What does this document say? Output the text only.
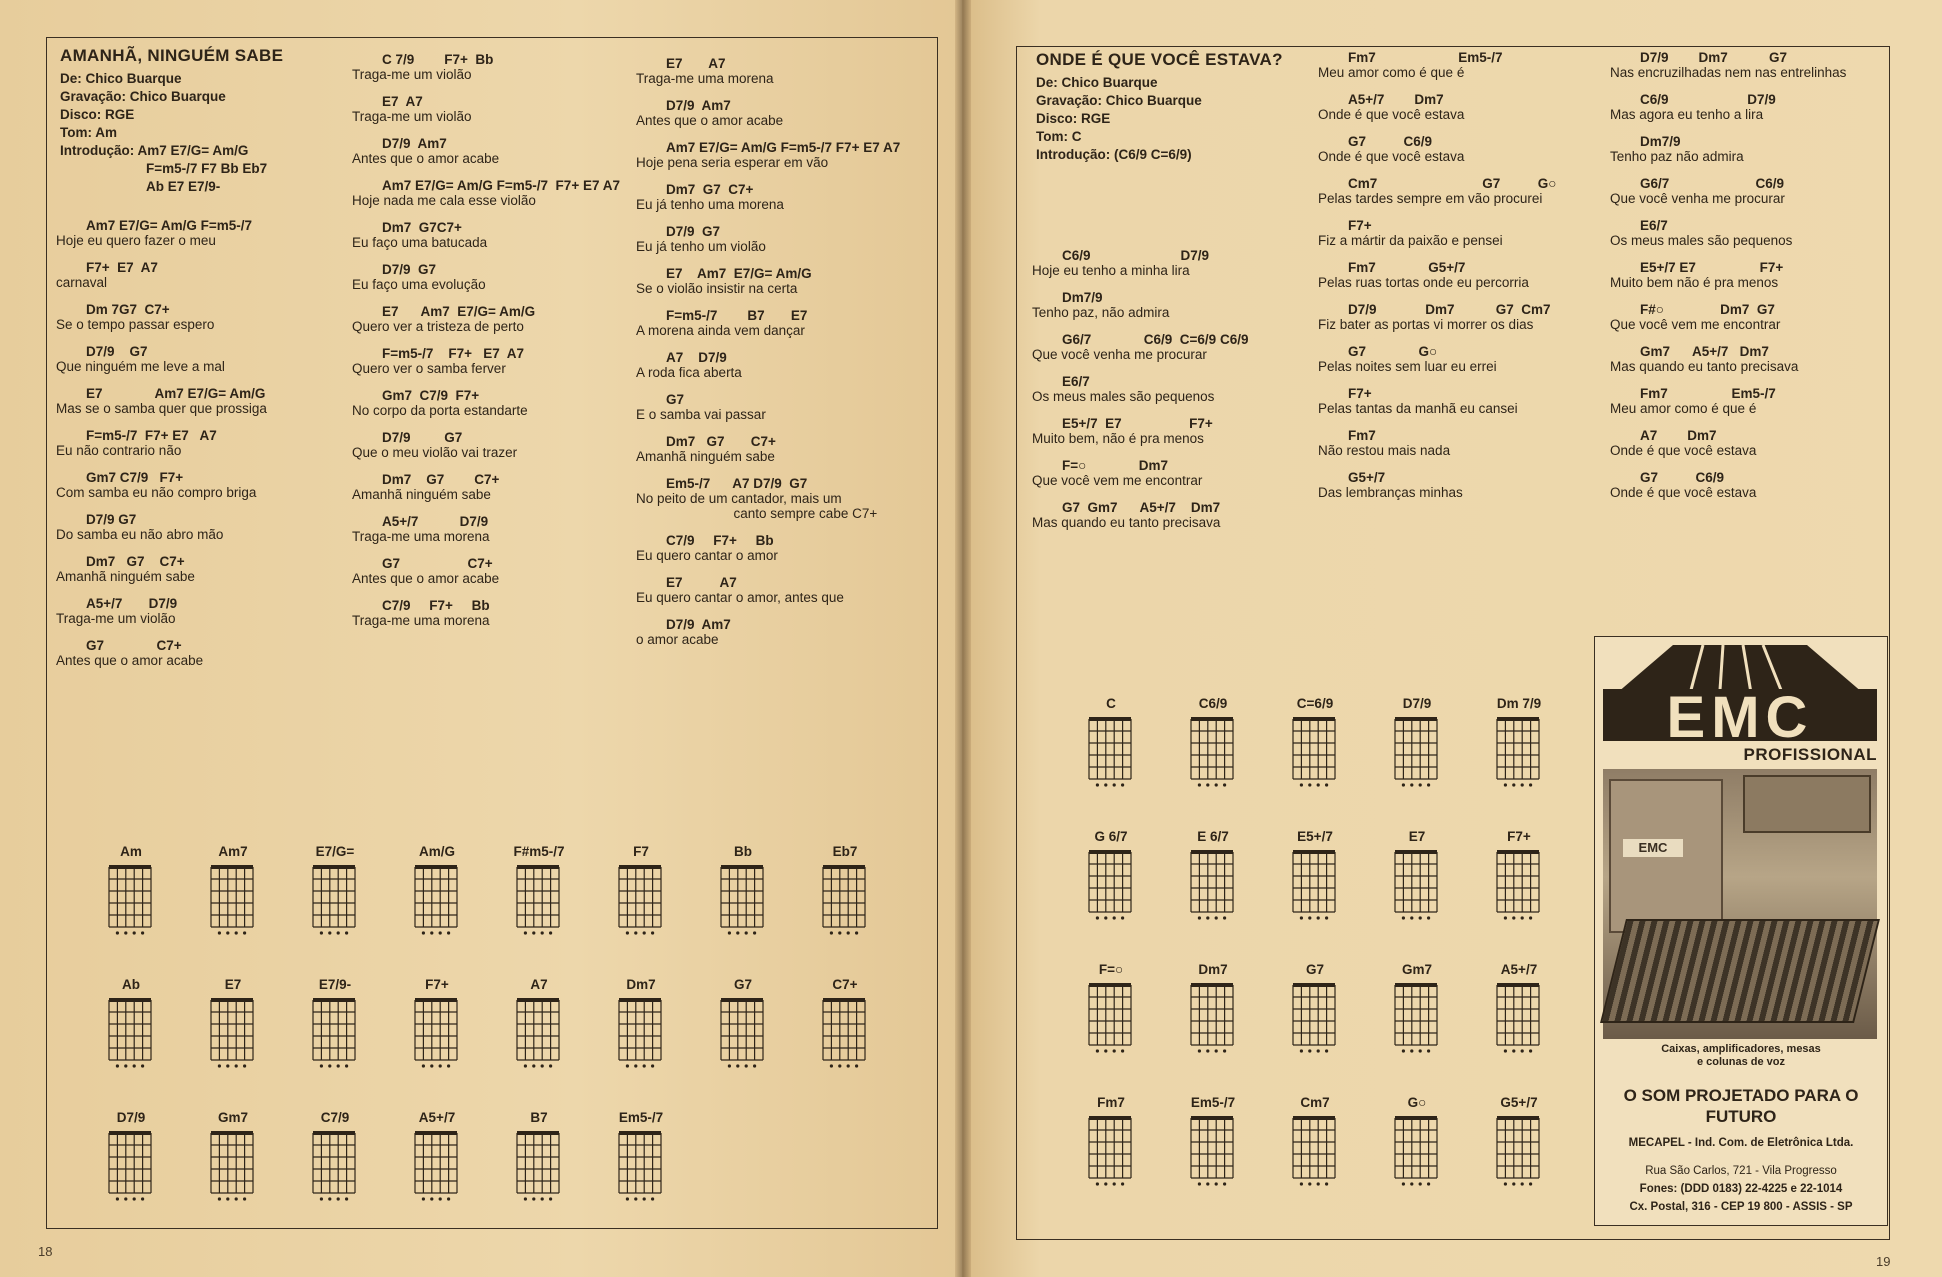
18
AMANHÃ, NINGUÉM SABE
De: Chico Buarque
Gravação: Chico Buarque
Disco: RGE
Tom: Am
Introdução: Am7 E7/G= Am/G
F=m5-/7 F7 Bb Eb7
Ab E7 E7/9-
Am7 E7/G= Am/G F=m5-/7
Hoje eu quero fazer o meu
F7+  E7  A7
carnaval
Dm 7G7  C7+
Se o tempo passar espero
D7/9    G7
Que ninguém me leve a mal
E7              Am7 E7/G= Am/G
Mas se o samba quer que prossiga
F=m5-/7  F7+ E7   A7
Eu não contrario não
Gm7 C7/9   F7+
Com samba eu não compro briga
D7/9 G7
Do samba eu não abro mão
Dm7   G7    C7+
Amanhã ninguém sabe
A5+/7       D7/9
Traga-me um violão
G7              C7+
Antes que o amor acabe
C 7/9        F7+  Bb
Traga-me um violão
E7  A7
Traga-me um violão
D7/9  Am7
Antes que o amor acabe
Am7 E7/G= Am/G F=m5-/7  F7+ E7 A7
Hoje nada me cala esse violão
Dm7  G7C7+
Eu faço uma batucada
D7/9  G7
Eu faço uma evolução
E7      Am7  E7/G= Am/G
Quero ver a tristeza de perto
F=m5-/7    F7+   E7  A7
Quero ver o samba ferver
Gm7  C7/9  F7+
No corpo da porta estandarte
D7/9         G7
Que o meu violão vai trazer
Dm7    G7        C7+
Amanhã ninguém sabe
A5+/7           D7/9
Traga-me uma morena
G7                  C7+
Antes que o amor acabe
C7/9     F7+     Bb
Traga-me uma morena
E7       A7
Traga-me uma morena
D7/9  Am7
Antes que o amor acabe
Am7 E7/G= Am/G F=m5-/7 F7+ E7 A7
Hoje pena seria esperar em vão
Dm7  G7  C7+
Eu já tenho uma morena
D7/9  G7
Eu já tenho um violão
E7    Am7  E7/G= Am/G
Se o violão insistir na certa
F=m5-/7        B7       E7
A morena ainda vem dançar
A7    D7/9
A roda fica aberta
G7
E o samba vai passar
Dm7   G7       C7+
Amanhã ninguém sabe
Em5-/7      A7 D7/9  G7
No peito de um cantador, mais um
canto sempre cabe C7+
C7/9     F7+     Bb
Eu quero cantar o amor
E7          A7
Eu quero cantar o amor, antes que
D7/9  Am7
o amor acabe
Am	Am7	E7/G=	Am/G	F#m5-/7	F7	Bb	Eb7
Ab	E7	E7/9-	F7+	A7	Dm7	G7	C7+
D7/9	Gm7	C7/9	A5+/7	B7	Em5-/7
19
ONDE É QUE VOCÊ ESTAVA?
De: Chico Buarque
Gravação: Chico Buarque
Disco: RGE
Tom: C
Introdução: (C6/9 C=6/9)
C6/9                        D7/9
Hoje eu tenho a minha lira
Dm7/9
Tenho paz, não admira
G6/7              C6/9  C=6/9 C6/9
Que você venha me procurar
E6/7
Os meus males são pequenos
E5+/7  E7                  F7+
Muito bem, não é pra menos
F=○              Dm7
Que você vem me encontrar
G7  Gm7      A5+/7    Dm7
Mas quando eu tanto precisava
Fm7                      Em5-/7
Meu amor como é que é
A5+/7        Dm7
Onde é que você estava
G7          C6/9
Onde é que você estava
Cm7                            G7          G○
Pelas tardes sempre em vão procurei
F7+
Fiz a mártir da paixão e pensei
Fm7              G5+/7
Pelas ruas tortas onde eu percorria
D7/9             Dm7           G7  Cm7
Fiz bater as portas vi morrer os dias
G7              G○
Pelas noites sem luar eu errei
F7+
Pelas tantas da manhã eu cansei
Fm7
Não restou mais nada
G5+/7
Das lembranças minhas
D7/9        Dm7           G7
Nas encruzilhadas nem nas entrelinhas
C6/9                     D7/9
Mas agora eu tenho a lira
Dm7/9
Tenho paz não admira
G6/7                       C6/9
Que você venha me procurar
E6/7
Os meus males são pequenos
E5+/7 E7                 F7+
Muito bem não é pra menos
F#○               Dm7  G7
Que você vem me encontrar
Gm7      A5+/7   Dm7
Mas quando eu tanto precisava
Fm7                 Em5-/7
Meu amor como é que é
A7        Dm7
Onde é que você estava
G7          C6/9
Onde é que você estava
C	C6/9	C=6/9	D7/9	Dm 7/9
G 6/7	E 6/7	E5+/7	E7	F7+
F=○	Dm7	G7	Gm7	A5+/7
Fm7	Em5-/7	Cm7	G○	G5+/7
EMC
PROFISSIONAL
EMC
Caixas, amplificadores, mesas
e colunas de voz
O SOM PROJETADO PARA O FUTURO
MECAPEL - Ind. Com. de Eletrônica Ltda.
Rua São Carlos, 721 - Vila Progresso
Fones: (DDD 0183) 22-4225 e 22-1014
Cx. Postal, 316 - CEP 19 800 - ASSIS - SP
